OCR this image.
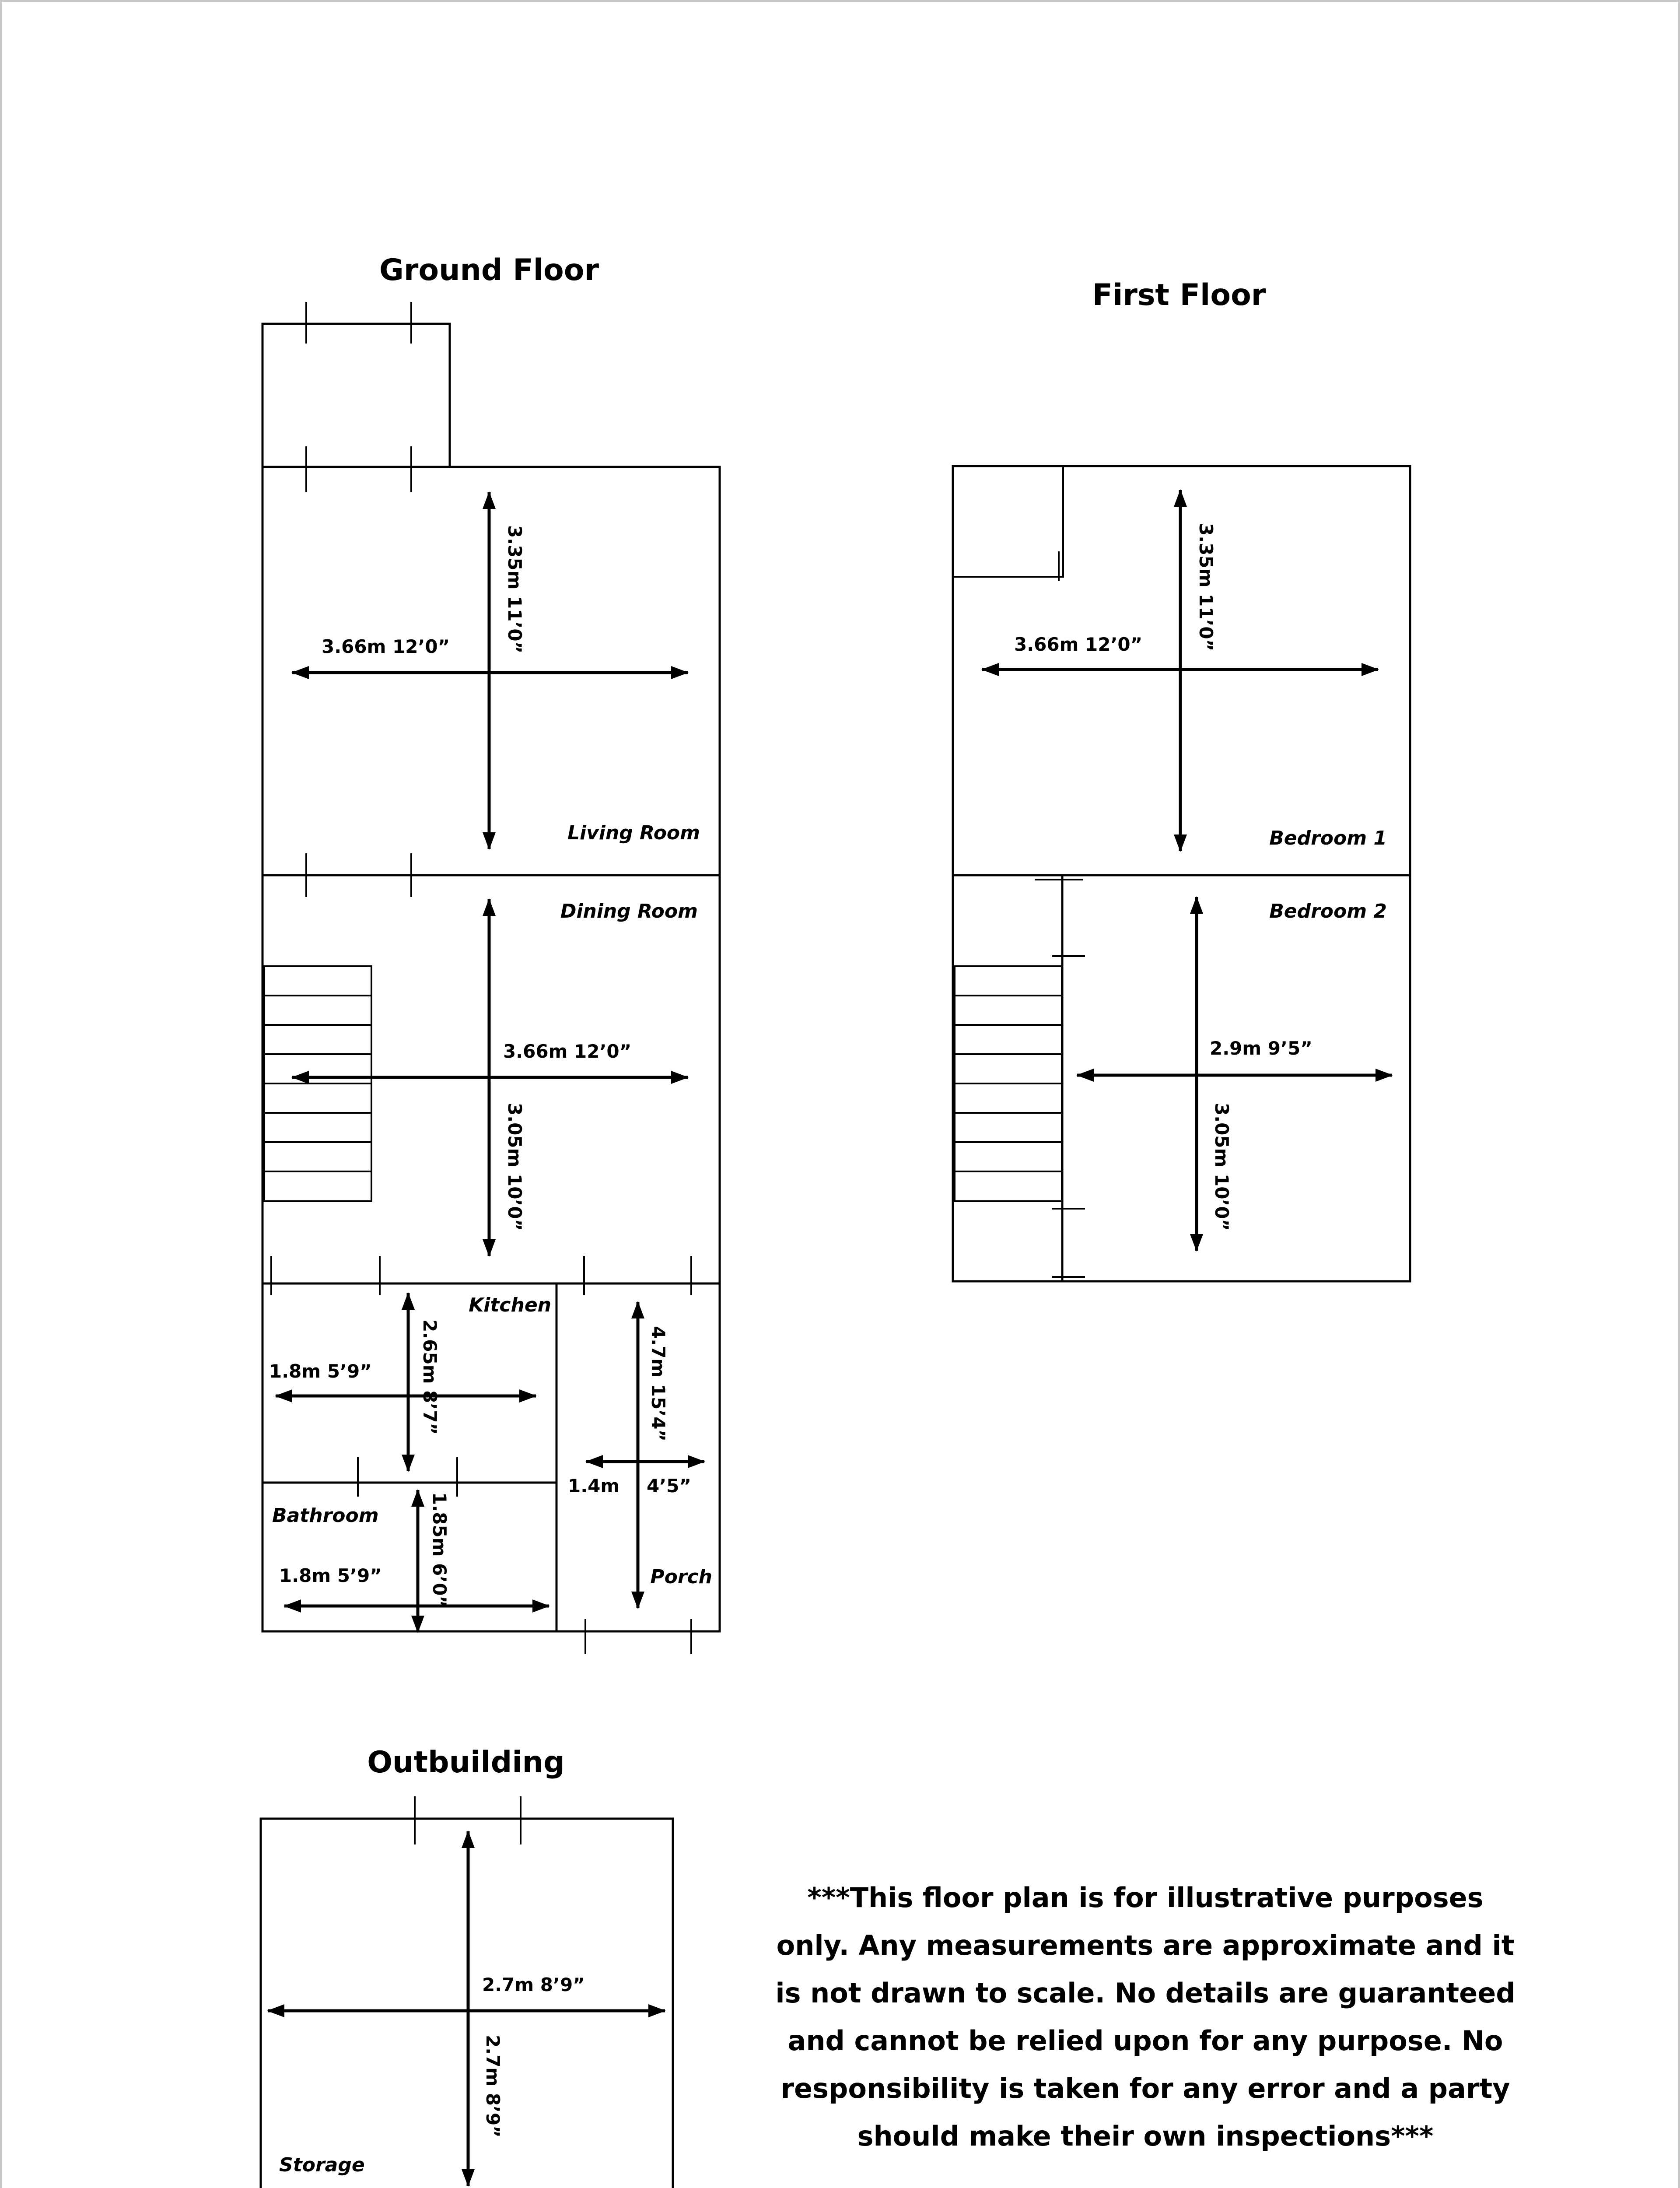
Ground Floor
First Floor
Outbuilding
3.66m 12’0”	3.35m 11’0”
Living Room
3.66m 12’0”
3.05m 10’0”
Dining Room
1.8m 5’9”	2.65m 8’7”
Kitchen
1.8m 5’9”	1.85m 6’0”
Bathroom
1.4m 4’5”
4.7m 15’4”
Porch
3.66m 12’0”	3.35m 11’0”
Bedroom 1
2.9m 9’5”
3.05m 10’0”
Bedroom 2
2.7m 8’9”
2.7m 8’9”
Storage
***This floor plan is for illustrative purposes
only. Any measurements are approximate and it
is not drawn to scale. No details are guaranteed
and cannot be relied upon for any purpose. No
responsibility is taken for any error and a party
should make their own inspections***
